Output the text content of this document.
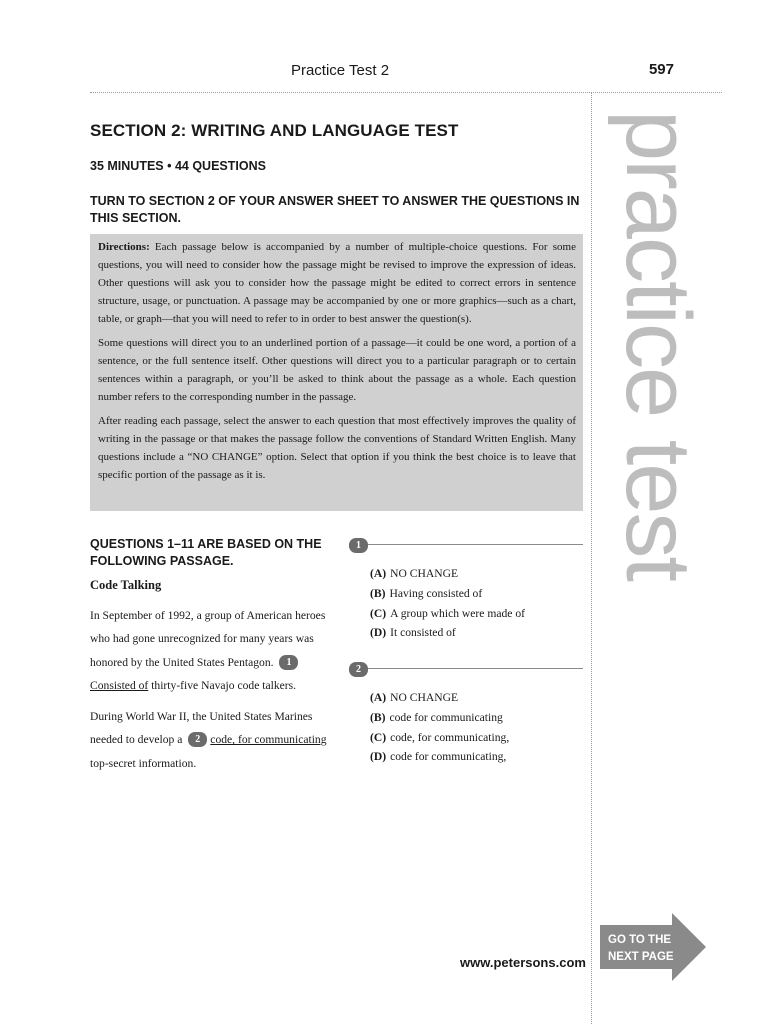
Practice Test 2	597
practice test
SECTION 2: WRITING AND LANGUAGE TEST
35 MINUTES • 44 QUESTIONS
TURN TO SECTION 2 OF YOUR ANSWER SHEET TO ANSWER THE QUESTIONS IN THIS SECTION.

Directions: Each passage below is accompanied by a number of multiple-choice questions. For some questions, you will need to consider how the passage might be revised to improve the expression of ideas. Other questions will ask you to consider how the passage might be edited to correct errors in sentence structure, usage, or punctuation. A passage may be accompanied by one or more graphics—such as a chart, table, or graph—that you will need to refer to in order to best answer the question(s).

Some questions will direct you to an underlined portion of a passage—it could be one word, a portion of a sentence, or the full sentence itself. Other questions will direct you to a particular paragraph or to certain sentences within a paragraph, or you’ll be asked to think about the passage as a whole. Each question number refers to the corresponding number in the passage.

After reading each passage, select the answer to each question that most effectively improves the quality of writing in the passage or that makes the passage follow the conventions of Standard Written English. Many questions include a “NO CHANGE” option. Select that option if you think the best choice is to leave that specific portion of the passage as it is.

QUESTIONS 1–11 ARE BASED ON THE FOLLOWING PASSAGE.
Code Talking

In September of 1992, a group of American heroes who had gone unrecognized for many years was honored by the United States Pentagon. 1Consisted of thirty-five Navajo code talkers.

During World War II, the United States Marines needed to develop a 2 code, for communicating top-secret information.

1
(A) NO CHANGE
(B) Having consisted of
(C) A group which were made of
(D) It consisted of
2
(A) NO CHANGE
(B) code for communicating
(C) code, for communicating,
(D) code for communicating,
www.petersons.com
GO TO THE
NEXT PAGE
